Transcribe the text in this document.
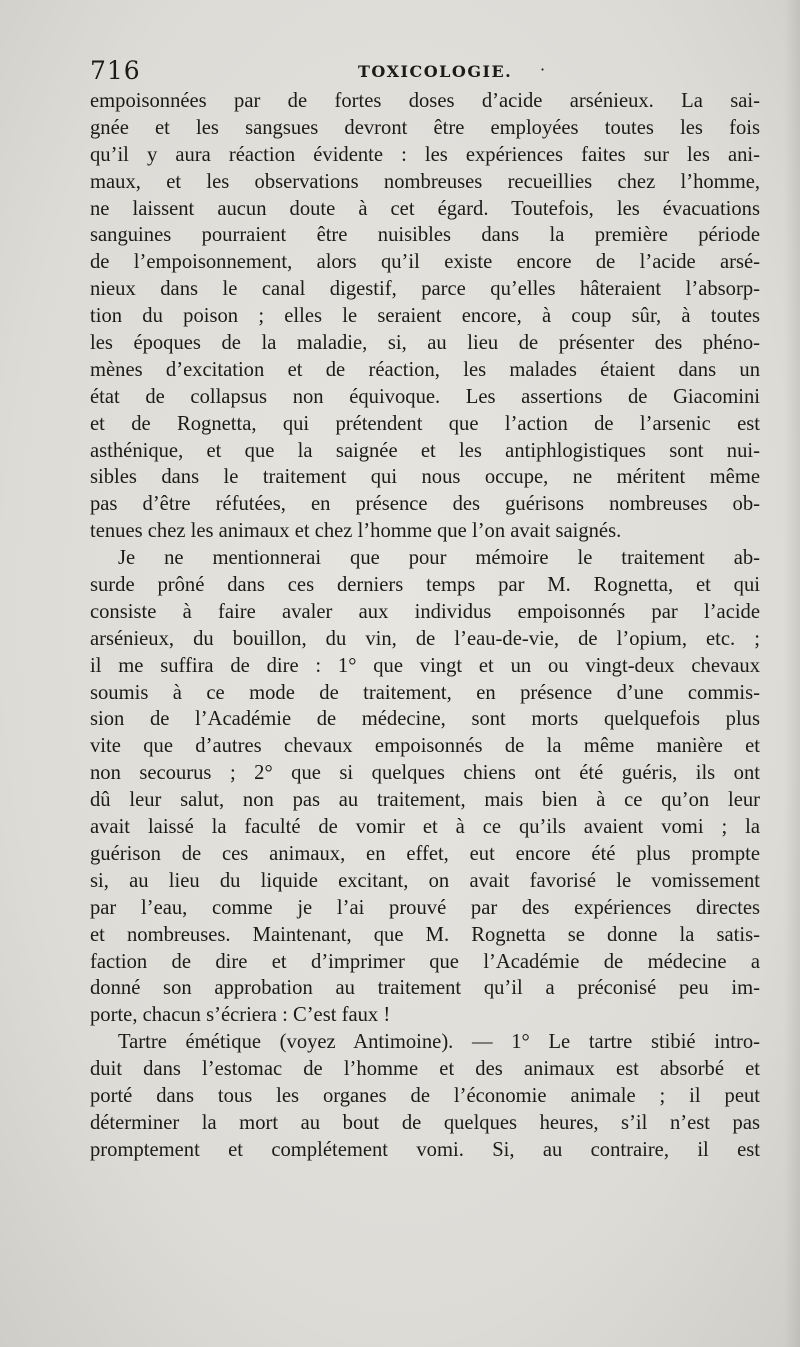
716	TOXICOLOGIE. ·
empoisonnées par de fortes doses d’acide arsénieux. La sai-
gnée et les sangsues devront être employées toutes les fois
qu’il y aura réaction évidente : les expériences faites sur les ani-
maux, et les observations nombreuses recueillies chez l’homme,
ne laissent aucun doute à cet égard. Toutefois, les évacuations
sanguines pourraient être nuisibles dans la première période
de l’empoisonnement, alors qu’il existe encore de l’acide arsé-
nieux dans le canal digestif, parce qu’elles hâteraient l’absorp-
tion du poison ; elles le seraient encore, à coup sûr, à toutes
les époques de la maladie, si, au lieu de présenter des phéno-
mènes d’excitation et de réaction, les malades étaient dans un
état de collapsus non équivoque. Les assertions de Giacomini
et de Rognetta, qui prétendent que l’action de l’arsenic est
asthénique, et que la saignée et les antiphlogistiques sont nui-
sibles dans le traitement qui nous occupe, ne méritent même
pas d’être réfutées, en présence des guérisons nombreuses ob-
tenues chez les animaux et chez l’homme que l’on avait saignés.
Je ne mentionnerai que pour mémoire le traitement ab-
surde prôné dans ces derniers temps par M. Rognetta, et qui
consiste à faire avaler aux individus empoisonnés par l’acide
arsénieux, du bouillon, du vin, de l’eau-de-vie, de l’opium, etc. ;
il me suffira de dire : 1° que vingt et un ou vingt-deux chevaux
soumis à ce mode de traitement, en présence d’une commis-
sion de l’Académie de médecine, sont morts quelquefois plus
vite que d’autres chevaux empoisonnés de la même manière et
non secourus ; 2° que si quelques chiens ont été guéris, ils ont
dû leur salut, non pas au traitement, mais bien à ce qu’on leur
avait laissé la faculté de vomir et à ce qu’ils avaient vomi ; la
guérison de ces animaux, en effet, eut encore été plus prompte
si, au lieu du liquide excitant, on avait favorisé le vomissement
par l’eau, comme je l’ai prouvé par des expériences directes
et nombreuses. Maintenant, que M. Rognetta se donne la satis-
faction de dire et d’imprimer que l’Académie de médecine a
donné son approbation au traitement qu’il a préconisé peu im-
porte, chacun s’écriera : C’est faux !
Tartre émétique (voyez Antimoine). — 1° Le tartre stibié intro-
duit dans l’estomac de l’homme et des animaux est absorbé et
porté dans tous les organes de l’économie animale ; il peut
déterminer la mort au bout de quelques heures, s’il n’est pas
promptement et complétement vomi. Si, au contraire, il est
